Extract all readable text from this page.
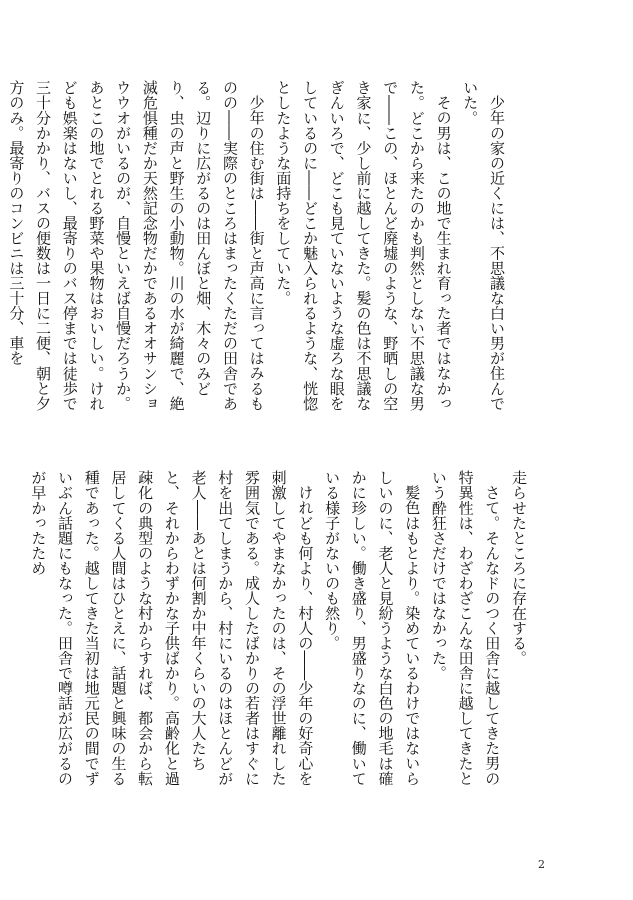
少年の家の近くには、不思議な白い男が住んでいた。

その男は、この地で生まれ育った者ではなかった。どこから来たのかも判然としない不思議な男で――この、ほとんど廃墟のような、野晒しの空き家に、少し前に越してきた。髪の色は不思議なぎんいろで、どこも見ていないような虚ろな眼をしているのに――どこか魅入られるような、恍惚としたような面持ちをしていた。

少年の住む街は――街と声高に言ってはみるものの――実際のところはまったくただの田舎である。辺りに広がるのは田んぼと畑、木々のみどり、虫の声と野生の小動物。川の水が綺麗で、絶滅危惧種だか天然記念物だかであるオオサンショウウオがいるのが、自慢といえば自慢だろうか。あとこの地でとれる野菜や果物はおいしい。けれども娯楽はないし、最寄りのバス停までは徒歩で三十分かかり、バスの便数は一日に二便、朝と夕方のみ。最寄りのコンビニは三十分、車を

走らせたところに存在する。

さて。そんなドのつく田舎に越してきた男の特異性は、わざわざこんな田舎に越してきたという酔狂さだけではなかった。

髪色はもとより。染めているわけではないらしいのに、老人と見紛うような白色の地毛は確かに珍しい。働き盛り、男盛りなのに、働いている様子がないのも然り。

けれども何より、村人の――少年の好奇心を刺激してやまなかったのは、その浮世離れした雰囲気である。成人したばかりの若者はすぐに村を出てしまうから、村にいるのはほとんどが老人――あとは何割か中年くらいの大人たちと、それからわずかな子供ばかり。高齢化と過疎化の典型のような村からすれば、都会から転居してくる人間はひとえに、話題と興味の生る種であった。越してきた当初は地元民の間でずいぶん話題にもなった。田舎で噂話が広がるのが早かったため

2
